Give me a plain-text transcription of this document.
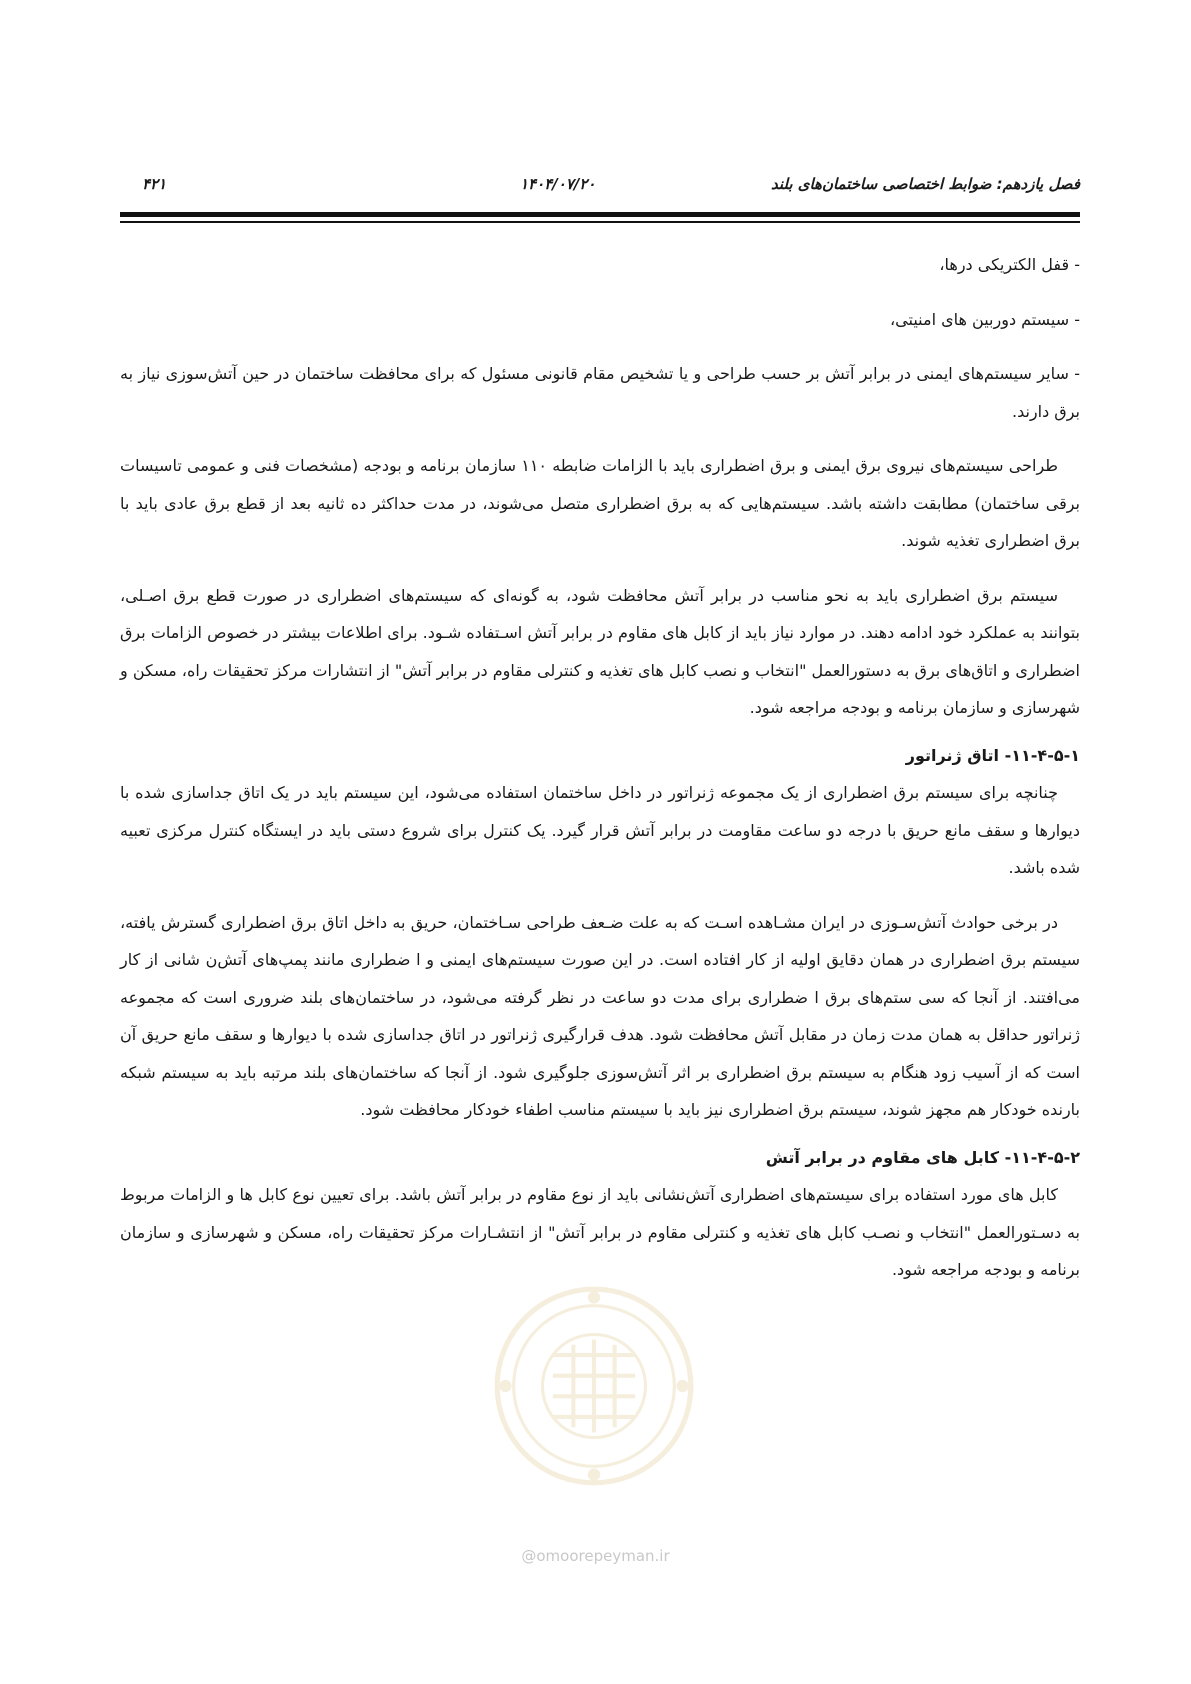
فصل یازدهم: ضوابط اختصاصی ساختمان‌های بلند
۱۴۰۴/۰۷/۲۰
۴۲۱

- قفل الکتریکی درها،

- سیستم دوربین های امنیتی،

- سایر سیستم‌های ایمنی در برابر آتش بر حسب طراحی و یا تشخیص مقام قانونی مسئول که برای محافظت ساختمان در حین آتش‌سوزی نیاز به برق دارند.

طراحی سیستم‌های نیروی برق ایمنی و برق اضطراری باید با الزامات ضابطه ۱۱۰ سازمان برنامه و بودجه (مشخصات فنی و عمومی تاسیسات برقی ساختمان) مطابقت داشته باشد. سیستم‌هایی که به برق اضطراری متصل می‌شوند، در مدت حداکثر ده ثانیه بعد از قطع برق عادی باید با برق اضطراری تغذیه شوند.

سیستم برق اضطراری باید به نحو مناسب در برابر آتش محافظت شود، به گونه‌ای که سیستم‌های اضطراری در صورت قطع برق اصـلی، بتوانند به عملکرد خود ادامه دهند. در موارد نیاز باید از کابل های مقاوم در برابر آتش اسـتفاده شـود. برای اطلاعات بیشتر در خصوص الزامات برق اضطراری و اتاق‌های برق به دستورالعمل "انتخاب و نصب کابل های تغذیه و کنترلی مقاوم در برابر آتش" از انتشارات مرکز تحقیقات راه، مسکن و شهرسازی و سازمان برنامه و بودجه مراجعه شود.

۱۱-۴-۵-۱- اتاق ژنراتور

چنانچه برای سیستم برق اضطراری از یک مجموعه ژنراتور در داخل ساختمان استفاده می‌شود، این سیستم باید در یک اتاق جداسازی شده با دیوارها و سقف مانع حریق با درجه دو ساعت مقاومت در برابر آتش قرار گیرد. یک کنترل برای شروع دستی باید در ایستگاه کنترل مرکزی تعبیه شده باشد.

در برخی حوادث آتش‌سـوزی در ایران مشـاهده اسـت که به علت ضـعف طراحی سـاختمان، حریق به داخل اتاق برق اضطراری گسترش یافته، سیستم برق اضطراری در همان دقایق اولیه از کار افتاده است. در این صورت سیستم‌های ایمنی و ا ضطراری مانند پمپ‌های آتش‌ن شانی از کار می‌افتند. از آنجا که سی ستم‌های برق ا ضطراری برای مدت دو ساعت در نظر گرفته می‌شود، در ساختمان‌های بلند ضروری است که مجموعه ژنراتور حداقل به همان مدت زمان در مقابل آتش محافظت شود. هدف قرارگیری ژنراتور در اتاق جداسازی شده با دیوارها و سقف مانع حریق آن است که از آسیب زود هنگام به سیستم برق اضطراری بر اثر آتش‌سوزی جلوگیری شود. از آنجا که ساختمان‌های بلند مرتبه باید به سیستم شبکه بارنده خودکار هم مجهز شوند، سیستم برق اضطراری نیز باید با سیستم مناسب اطفاء خودکار محافظت شود.

۱۱-۴-۵-۲- کابل های مقاوم در برابر آتش

کابل های مورد استفاده برای سیستم‌های اضطراری آتش‌نشانی باید از نوع مقاوم در برابر آتش باشد. برای تعیین نوع کابل ها و الزامات مربوط به دسـتورالعمل "انتخاب و نصـب کابل های تغذیه و کنترلی مقاوم در برابر آتش" از انتشـارات مرکز تحقیقات راه، مسکن و شهرسازی و سازمان برنامه و بودجه مراجعه شود.

@omoorepeyman.ir
